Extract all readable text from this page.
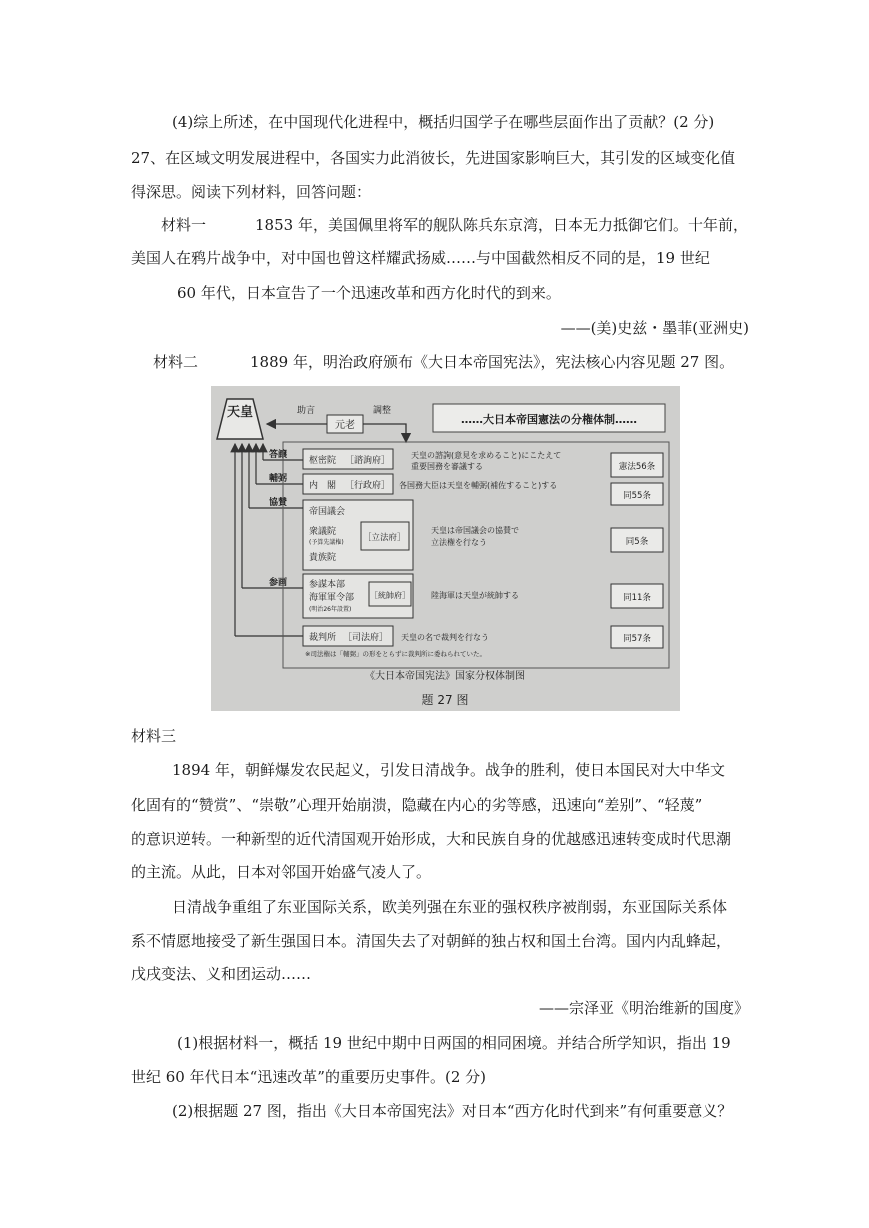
(4)综上所述，在中国现代化进程中，概括归国学子在哪些层面作出了贡献？(2 分)
27、在区域文明发展进程中，各国实力此消彼长，先进国家影响巨大，其引发的区域变化值
得深思。阅读下列材料，回答问题：
材料一	1853 年，美国佩里将军的舰队陈兵东京湾，日本无力抵御它们。十年前，
美国人在鸦片战争中，对中国也曾这样耀武扬威……与中国截然相反不同的是，19 世纪
60 年代，日本宣告了一个迅速改革和西方化时代的到来。
——(美)史兹・墨菲(亚洲史)
材料二	1889 年，明治政府颁布《大日本帝国宪法》，宪法核心内容见题 27 图。
天皇
元老
助言	調整
……大日本帝国憲法の分権体制……
答譲
輔弼
協賛
参画
枢密院 ［諮詢府］
天皇の諮詢(意見を求めること)にこたえて
重要国務を審議する
内　閣 ［行政府］ 各国務大臣は天皇を輔弼(補佐すること)する
帝国議会
衆議院
(予算先議権)
貴族院
［立法府］
天皇は帝国議会の協賛で
立法権を行なう
参謀本部
海軍軍令部
(明治26年設置)
［統帥府］	陸海軍は天皇が統帥する
裁判所 ［司法府］ 天皇の名で裁判を行なう
※司法権は「輔弼」の形をとらずに裁判所に委ねられていた。
憲法56条
同55条
同5条
同11条
同57条
《大日本帝国宪法》国家分权体制图
题 27 图
材料三
1894 年，朝鲜爆发农民起义，引发日清战争。战争的胜利，使日本国民对大中华文
化固有的“赞赏”、“崇敬”心理开始崩溃，隐藏在内心的劣等感，迅速向“差别”、“轻蔑”
的意识逆转。一种新型的近代清国观开始形成，大和民族自身的优越感迅速转变成时代思潮
的主流。从此，日本对邻国开始盛气凌人了。
日清战争重组了东亚国际关系，欧美列强在东亚的强权秩序被削弱，东亚国际关系体
系不情愿地接受了新生强国日本。清国失去了对朝鲜的独占权和国土台湾。国内内乱蜂起，
戊戌变法、义和团运动……
——宗泽亚《明治维新的国度》
(1)根据材料一，概括 19 世纪中期中日两国的相同困境。并结合所学知识，指出 19
世纪 60 年代日本“迅速改革”的重要历史事件。(2 分)
(2)根据题 27 图，指出《大日本帝国宪法》对日本“西方化时代到来”有何重要意义？
